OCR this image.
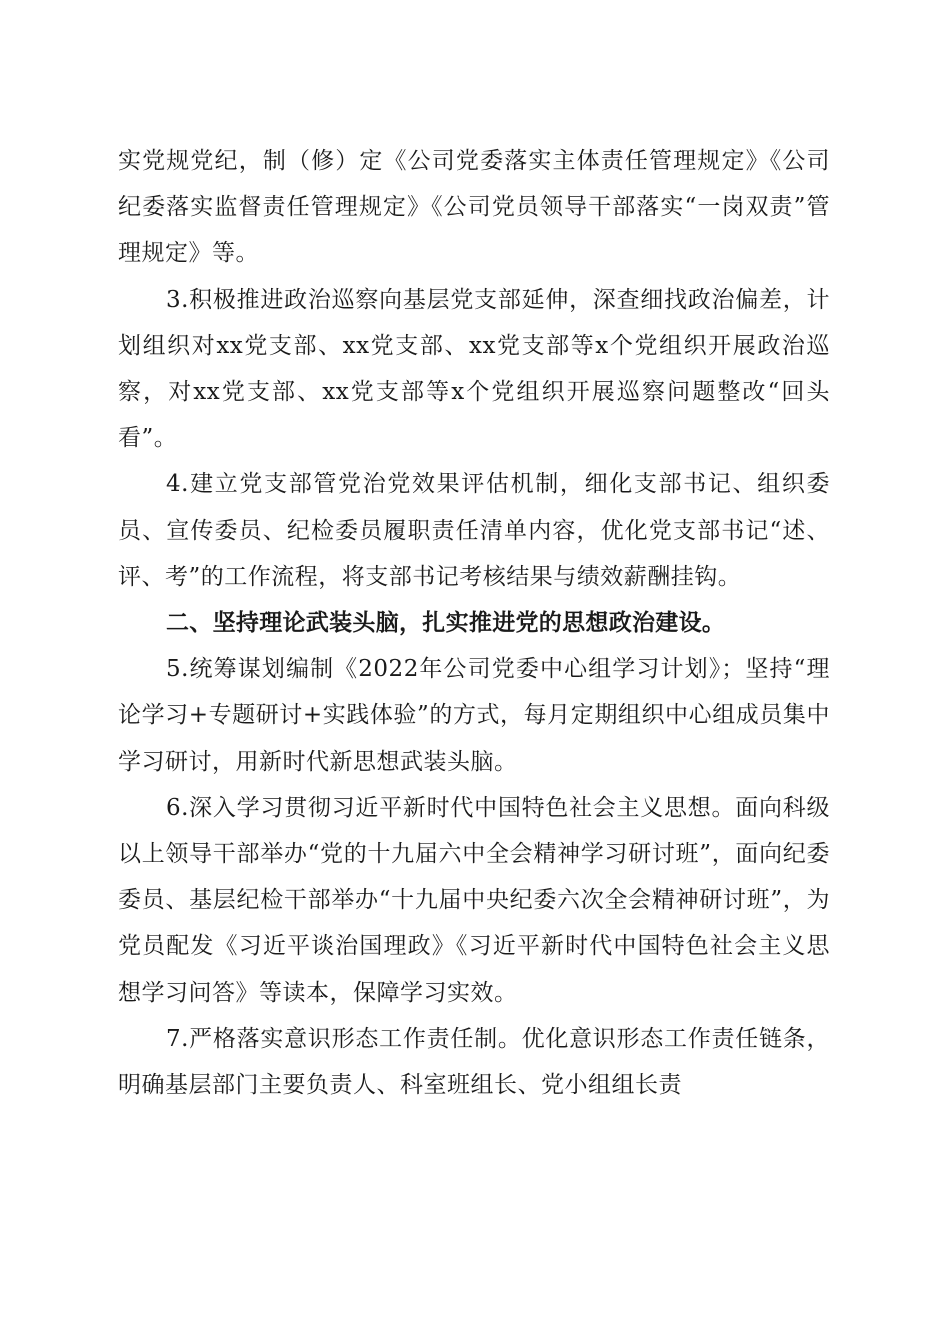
实党规党纪，制（修）定《公司党委落实主体责任管理规定》《公司纪委落实监督责任管理规定》《公司党员领导干部落实“一岗双责”管理规定》等。

3.积极推进政治巡察向基层党支部延伸，深查细找政治偏差，计划组织对xx党支部、xx党支部、xx党支部等x个党组织开展政治巡察，对xx党支部、xx党支部等x个党组织开展巡察问题整改“回头看”。

4.建立党支部管党治党效果评估机制，细化支部书记、组织委员、宣传委员、纪检委员履职责任清单内容，优化党支部书记“述、评、考”的工作流程，将支部书记考核结果与绩效薪酬挂钩。

二、坚持理论武装头脑，扎实推进党的思想政治建设。

5.统筹谋划编制《2022年公司党委中心组学习计划》；坚持“理论学习+专题研讨+实践体验”的方式，每月定期组织中心组成员集中学习研讨，用新时代新思想武装头脑。

6.深入学习贯彻习近平新时代中国特色社会主义思想。面向科级以上领导干部举办“党的十九届六中全会精神学习研讨班”，面向纪委委员、基层纪检干部举办“十九届中央纪委六次全会精神研讨班”，为党员配发《习近平谈治国理政》《习近平新时代中国特色社会主义思想学习问答》等读本，保障学习实效。

7.严格落实意识形态工作责任制。优化意识形态工作责任链条，明确基层部门主要负责人、科室班组长、党小组组长责
